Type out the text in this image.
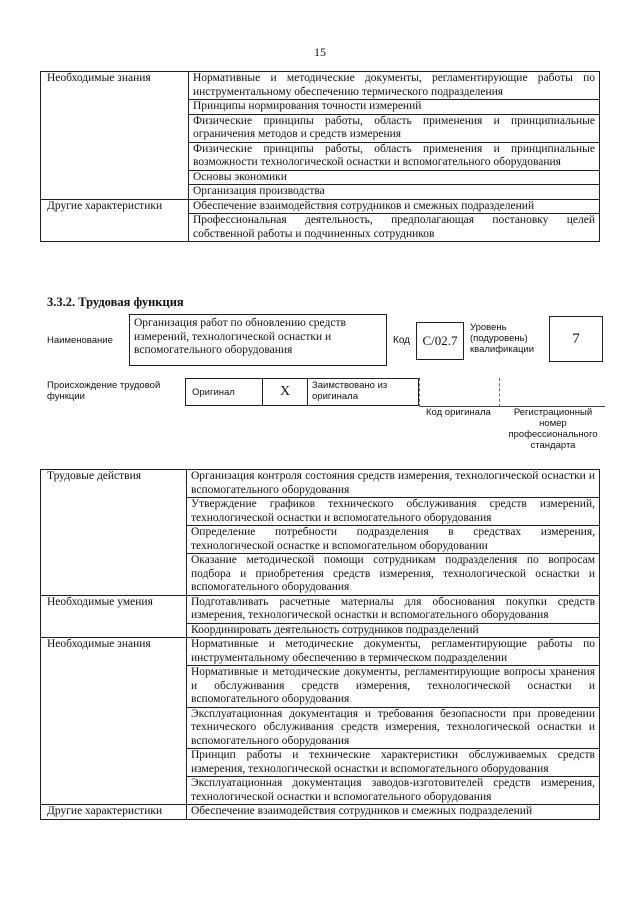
15
Необходимые знания	Нормативные и методические документы, регламентирующие работы по инструментальному обеспечению термического подразделения
	Принципы нормирования точности измерений
	Физические принципы работы, область применения и принципиальные ограничения методов и средств измерения
	Физические принципы работы, область применения и принципиальные возможности технологической оснастки и вспомогательного оборудования
	Основы экономики
	Организация производства
Другие характеристики	Обеспечение взаимодействия сотрудников и смежных подразделений
	Профессиональная деятельность, предполагающая постановку целей собственной работы и подчиненных сотрудников
3.3.2. Трудовая функция
Наименование
Организация работ по обновлению средств измерений, технологической оснастки и вспомогательного оборудования
Код C/02.7
Уровень (подуровень) квалификации
7
Происхождение трудовой функции	Оригинал	X	Заимствовано из оригинала
Код оригинала	Регистрационный номер профессионального стандарта
Трудовые действия	Организация контроля состояния средств измерения, технологической оснастки и вспомогательного оборудования
	Утверждение графиков технического обслуживания средств измерений, технологической оснастки и вспомогательного оборудования
	Определение потребности подразделения в средствах измерения, технологической оснастке и вспомогательном оборудовании
	Оказание методической помощи сотрудникам подразделения по вопросам подбора и приобретения средств измерения, технологической оснастки и вспомогательного оборудования
Необходимые умения	Подготавливать расчетные материалы для обоснования покупки средств измерения, технологической оснастки и вспомогательного оборудования
	Координировать деятельность сотрудников подразделений
Необходимые знания	Нормативные и методические документы, регламентирующие работы по инструментальному обеспечению в термическом подразделении
	Нормативные и методические документы, регламентирующие вопросы хранения и обслуживания средств измерения, технологической оснастки и вспомогательного оборудования
	Эксплуатационная документация и требования безопасности при проведении технического обслуживания средств измерения, технологической оснастки и вспомогательного оборудования
	Принцип работы и технические характеристики обслуживаемых средств измерения, технологической оснастки и вспомогательного оборудования
	Эксплуатационная документация заводов-изготовителей средств измерения, технологической оснастки и вспомогательного оборудования
Другие характеристики	Обеспечение взаимодействия сотрудников и смежных подразделений
